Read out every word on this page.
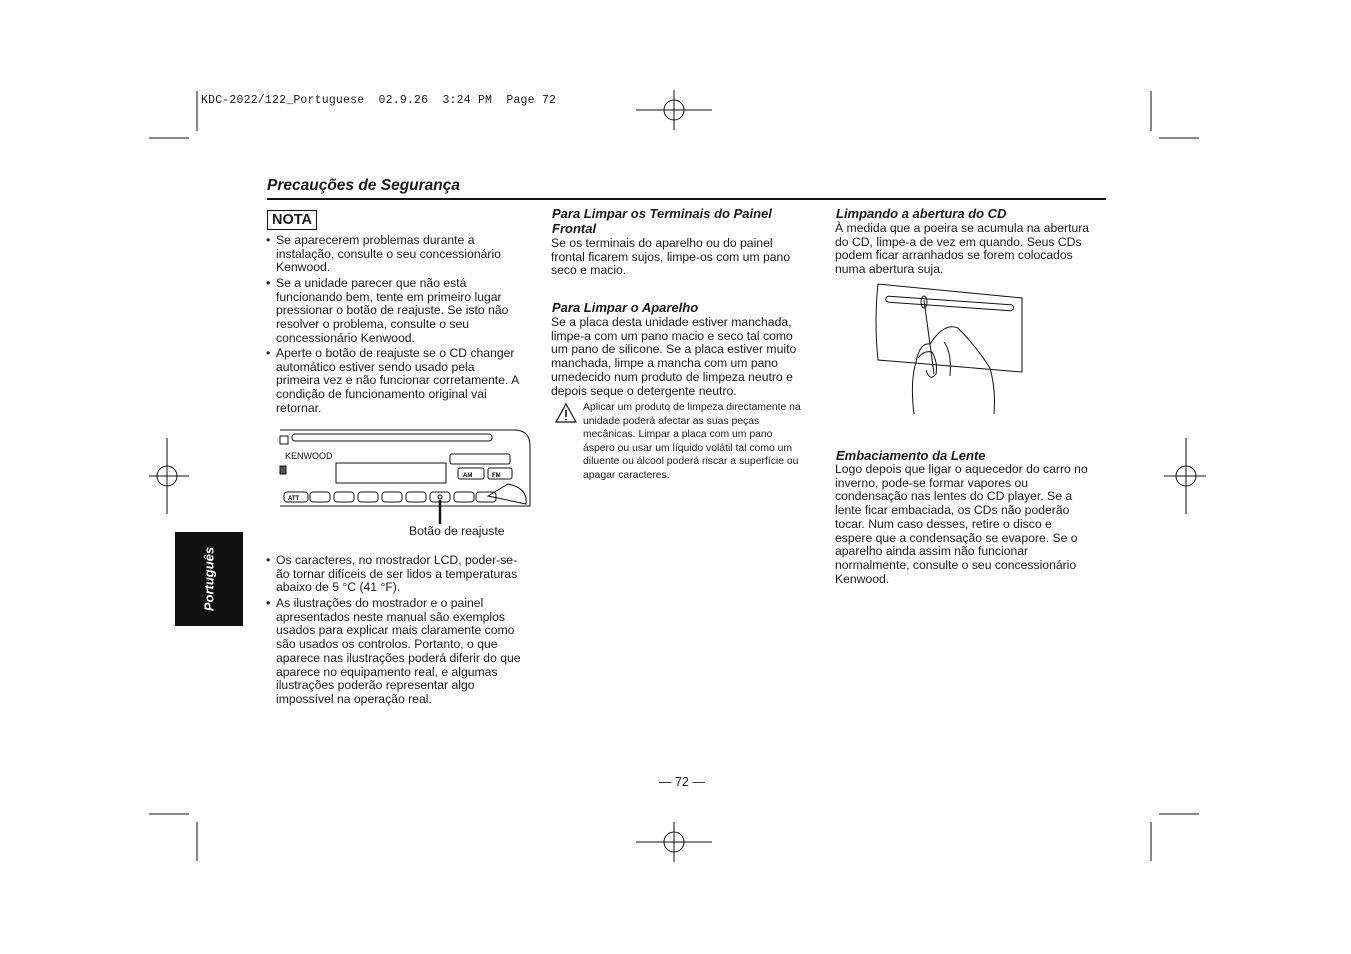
KDC-2022/122_Portuguese  02.9.26  3:24 PM  Page 72
Precauções de Segurança
Português
NOTA
• Se aparecerem problemas durante a
instalação, consulte o seu concessionário
Kenwood.
• Se a unidade parecer que não está
funcionando bem, tente em primeiro lugar
pressionar o botão de reajuste. Se isto não
resolver o problema, consulte o seu
concessionário Kenwood.
• Aperte o botão de reajuste se o CD changer
automático estiver sendo usado pela
primeira vez e não funcionar corretamente. A
condição de funcionamento original vai
retornar.
KENWOOD
ATT
AM	FM
Botão de reajuste
• Os caracteres, no mostrador LCD, poder-se-
ão tornar difíceis de ser lidos a temperaturas
abaixo de 5 °C (41 °F).
• As ilustrações do mostrador e o painel
apresentados neste manual são exemplos
usados para explicar mais claramente como
são usados os controlos. Portanto, o que
aparece nas ilustrações poderá diferir do que
aparece no equipamento real, e algumas
ilustrações poderão representar algo
impossível na operação real.
Para Limpar os Terminais do Painel
Frontal
Se os terminais do aparelho ou do painel
frontal ficarem sujos, limpe-os com um pano
seco e macio.
Para Limpar o Aparelho
Se a placa desta unidade estiver manchada,
limpe-a com um pano macio e seco tal como
um pano de silicone. Se a placa estiver muito
manchada, limpe a mancha com um pano
umedecido num produto de limpeza neutro e
depois seque o detergente neutro.
Aplicar um produto de limpeza directamente na
unidade poderá afectar as suas peças
mecânicas. Limpar a placa com um pano
áspero ou usar um líquido volátil tal como um
diluente ou álcool poderá riscar a superfície ou
apagar caracteres.
Limpando a abertura do CD
À medida que a poeira se acumula na abertura
do CD, limpe-a de vez em quando. Seus CDs
podem ficar arranhados se forem colocados
numa abertura suja.
Embaciamento da Lente
Logo depois que ligar o aquecedor do carro no
inverno, pode-se formar vapores ou
condensação nas lentes do CD player. Se a
lente ficar embaciada, os CDs não poderão
tocar. Num caso desses, retire o disco e
espere que a condensação se evapore. Se o
aparelho ainda assim não funcionar
normalmente, consulte o seu concessionário
Kenwood.
— 72 —
